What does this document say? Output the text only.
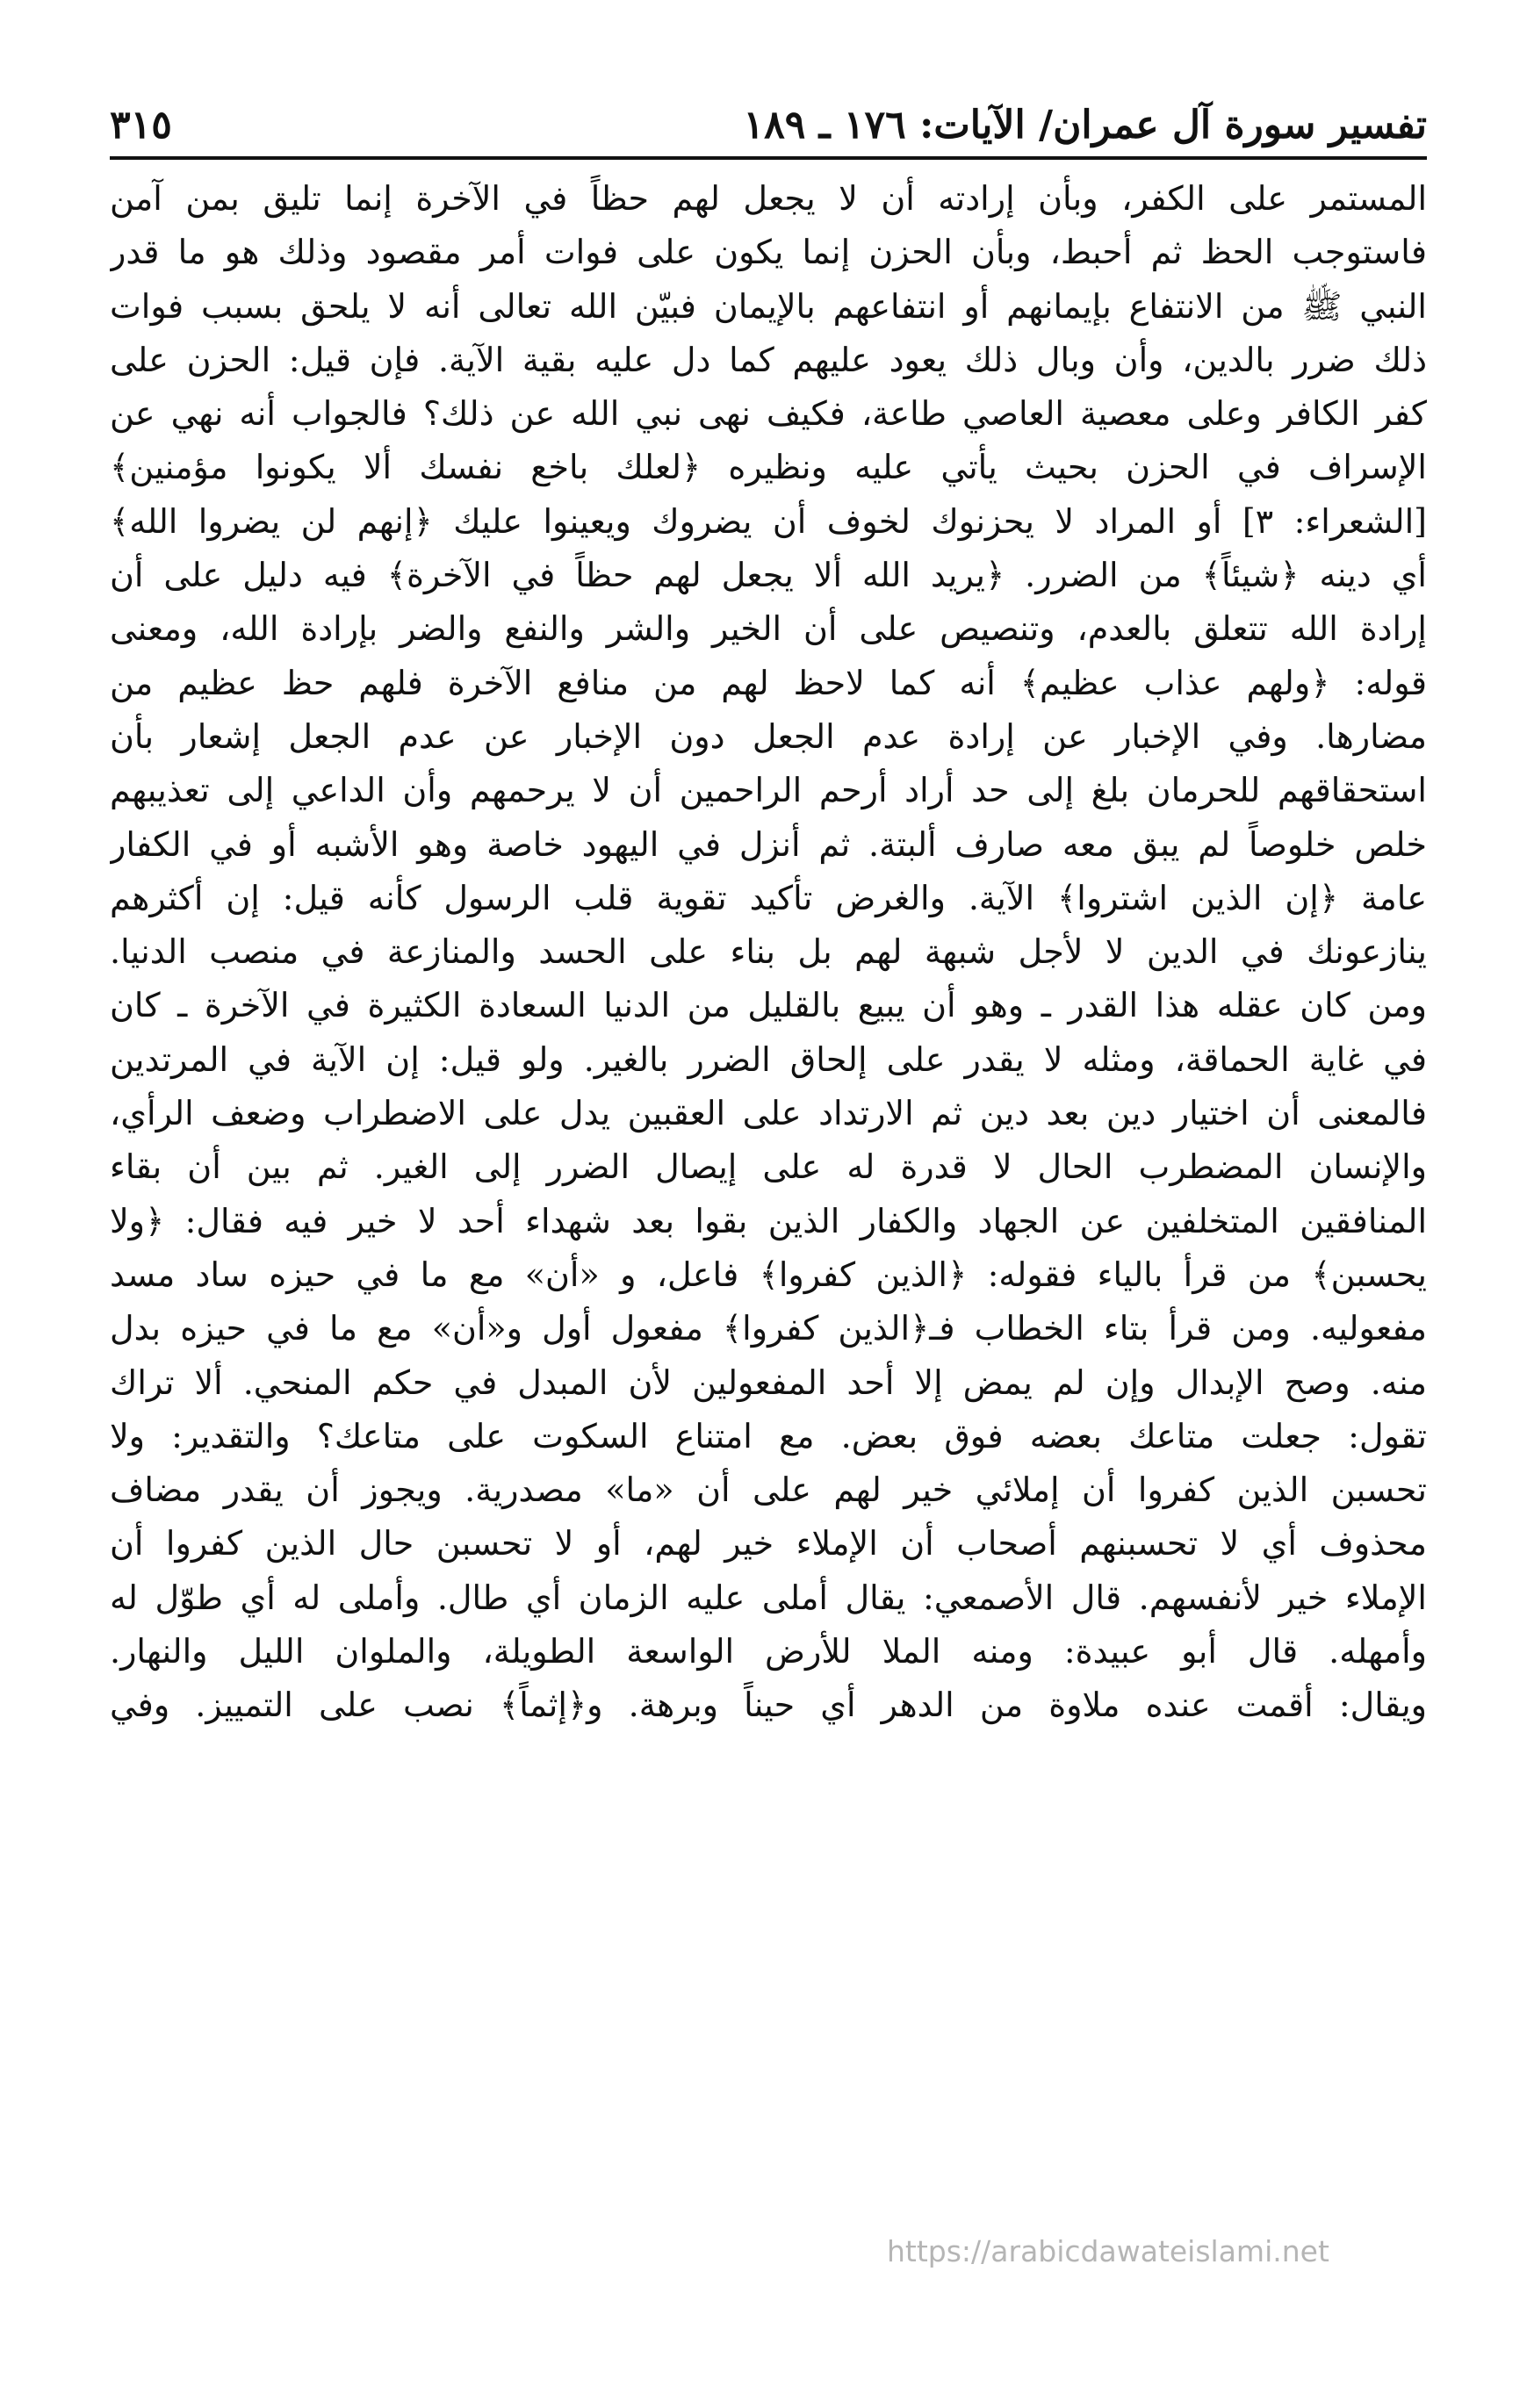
تفسير سورة آل عمران/ الآيات: ١٧٦ ـ ١٨٩
٣١٥
المستمر على الكفر، وبأن إرادته أن لا يجعل لهم حظاً في الآخرة إنما تليق بمن آمن
فاستوجب الحظ ثم أحبط، وبأن الحزن إنما يكون على فوات أمر مقصود وذلك هو ما قدر
النبي ﷺ من الانتفاع بإيمانهم أو انتفاعهم بالإيمان فبيّن الله تعالى أنه لا يلحق بسبب فوات
ذلك ضرر بالدين، وأن وبال ذلك يعود عليهم كما دل عليه بقية الآية. فإن قيل: الحزن على
كفر الكافر وعلى معصية العاصي طاعة، فكيف نهى نبي الله عن ذلك؟ فالجواب أنه نهي عن
الإسراف في الحزن بحيث يأتي عليه ونظيره ﴿لعلك باخع نفسك ألا يكونوا مؤمنين﴾
[الشعراء: ٣] أو المراد لا يحزنوك لخوف أن يضروك ويعينوا عليك ﴿إنهم لن يضروا الله﴾
أي دينه ﴿شيئاً﴾ من الضرر. ﴿يريد الله ألا يجعل لهم حظاً في الآخرة﴾ فيه دليل على أن
إرادة الله تتعلق بالعدم، وتنصيص على أن الخير والشر والنفع والضر بإرادة الله، ومعنى
قوله: ﴿ولهم عذاب عظيم﴾ أنه كما لاحظ لهم من منافع الآخرة فلهم حظ عظيم من
مضارها. وفي الإخبار عن إرادة عدم الجعل دون الإخبار عن عدم الجعل إشعار بأن
استحقاقهم للحرمان بلغ إلى حد أراد أرحم الراحمين أن لا يرحمهم وأن الداعي إلى تعذيبهم
خلص خلوصاً لم يبق معه صارف ألبتة. ثم أنزل في اليهود خاصة وهو الأشبه أو في الكفار
عامة ﴿إن الذين اشتروا﴾ الآية. والغرض تأكيد تقوية قلب الرسول كأنه قيل: إن أكثرهم
ينازعونك في الدين لا لأجل شبهة لهم بل بناء على الحسد والمنازعة في منصب الدنيا.
ومن كان عقله هذا القدر ـ وهو أن يبيع بالقليل من الدنيا السعادة الكثيرة في الآخرة ـ كان
في غاية الحماقة، ومثله لا يقدر على إلحاق الضرر بالغير. ولو قيل: إن الآية في المرتدين
فالمعنى أن اختيار دين بعد دين ثم الارتداد على العقبين يدل على الاضطراب وضعف الرأي،
والإنسان المضطرب الحال لا قدرة له على إيصال الضرر إلى الغير. ثم بين أن بقاء
المنافقين المتخلفين عن الجهاد والكفار الذين بقوا بعد شهداء أحد لا خير فيه فقال: ﴿ولا
يحسبن﴾ من قرأ بالياء فقوله: ﴿الذين كفروا﴾ فاعل، و «أن» مع ما في حيزه ساد مسد
مفعوليه. ومن قرأ بتاء الخطاب فـ﴿الذين كفروا﴾ مفعول أول و«أن» مع ما في حيزه بدل
منه. وصح الإبدال وإن لم يمض إلا أحد المفعولين لأن المبدل في حكم المنحي. ألا تراك
تقول: جعلت متاعك بعضه فوق بعض. مع امتناع السكوت على متاعك؟ والتقدير: ولا
تحسبن الذين كفروا أن إملائي خير لهم على أن «ما» مصدرية. ويجوز أن يقدر مضاف
محذوف أي لا تحسبنهم أصحاب أن الإملاء خير لهم، أو لا تحسبن حال الذين كفروا أن
الإملاء خير لأنفسهم. قال الأصمعي: يقال أملى عليه الزمان أي طال. وأملى له أي طوّل له
وأمهله. قال أبو عبيدة: ومنه الملا للأرض الواسعة الطويلة، والملوان الليل والنهار.
ويقال: أقمت عنده ملاوة من الدهر أي حيناً وبرهة. و﴿إثماً﴾ نصب على التمييز. وفي
https://arabicdawateislami.net
